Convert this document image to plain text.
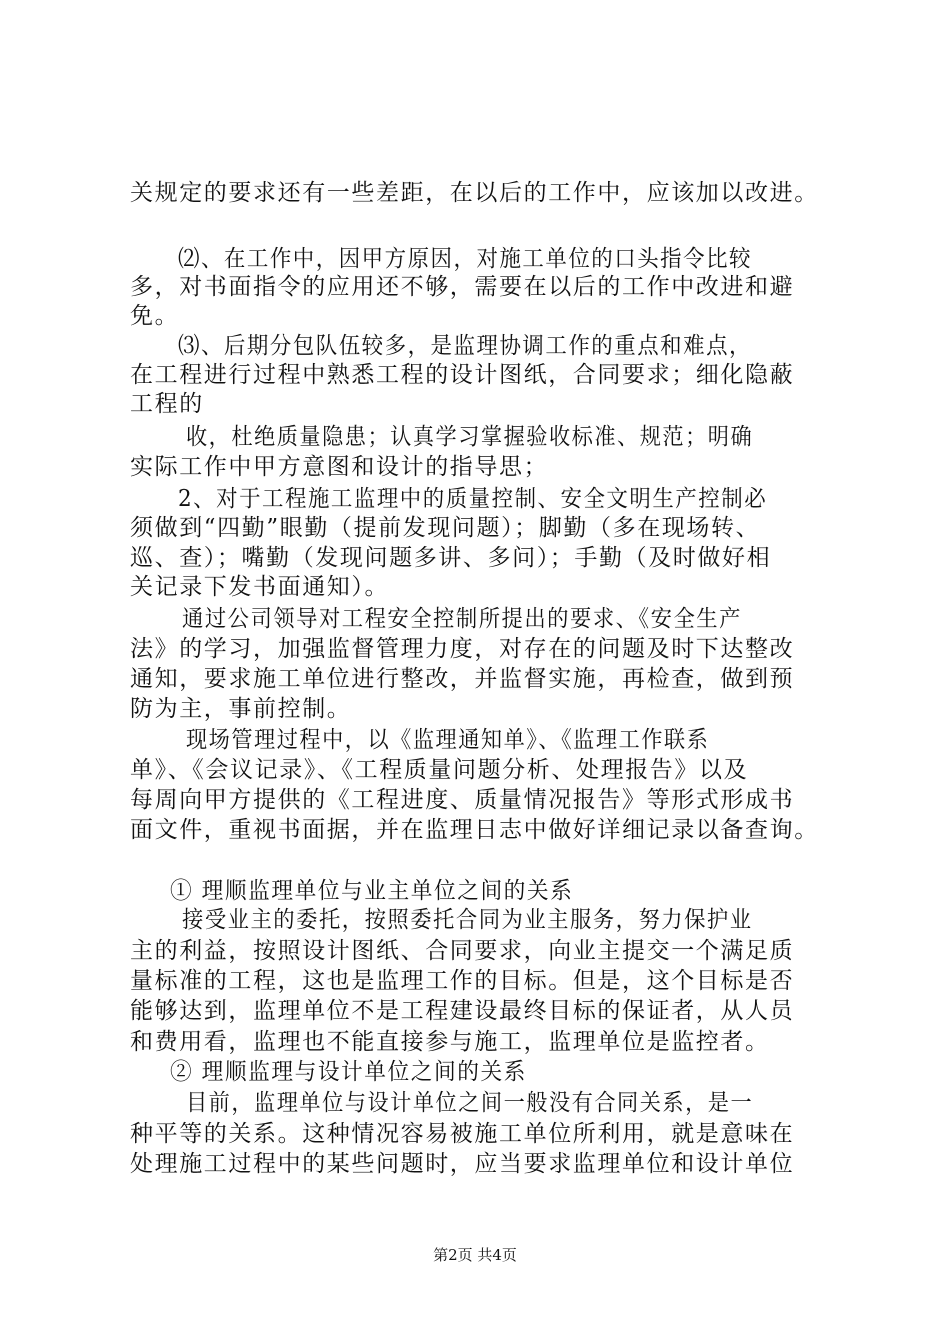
关规定的要求还有一些差距，在以后的工作中，应该加以改进。
⑵、在工作中，因甲方原因，对施工单位的口头指令比较
多，对书面指令的应用还不够，需要在以后的工作中改进和避
免。
⑶、后期分包队伍较多，是监理协调工作的重点和难点，
在工程进行过程中熟悉工程的设计图纸，合同要求；细化隐蔽
工程的
收，杜绝质量隐患；认真学习掌握验收标准、规范；明确
实际工作中甲方意图和设计的指导思；
2、对于工程施工监理中的质量控制、安全文明生产控制必
须做到“四勤”眼勤（提前发现问题）；脚勤（多在现场转、
巡、查）；嘴勤（发现问题多讲、多问）；手勤（及时做好相
关记录下发书面通知）。
通过公司领导对工程安全控制所提出的要求、《安全生产
法》的学习，加强监督管理力度，对存在的问题及时下达整改
通知，要求施工单位进行整改，并监督实施，再检查，做到预
防为主，事前控制。
现场管理过程中，以《监理通知单》、《监理工作联系
单》、《会议记录》、《工程质量问题分析、处理报告》以及
每周向甲方提供的《工程进度、质量情况报告》等形式形成书
面文件，重视书面据，并在监理日志中做好详细记录以备查询。
① 理顺监理单位与业主单位之间的关系
接受业主的委托，按照委托合同为业主服务，努力保护业
主的利益，按照设计图纸、合同要求，向业主提交一个满足质
量标准的工程，这也是监理工作的目标。但是，这个目标是否
能够达到，监理单位不是工程建设最终目标的保证者，从人员
和费用看，监理也不能直接参与施工，监理单位是监控者。
② 理顺监理与设计单位之间的关系
目前，监理单位与设计单位之间一般没有合同关系，是一
种平等的关系。这种情况容易被施工单位所利用，就是意味在
处理施工过程中的某些问题时，应当要求监理单位和设计单位
第2页 共4页
